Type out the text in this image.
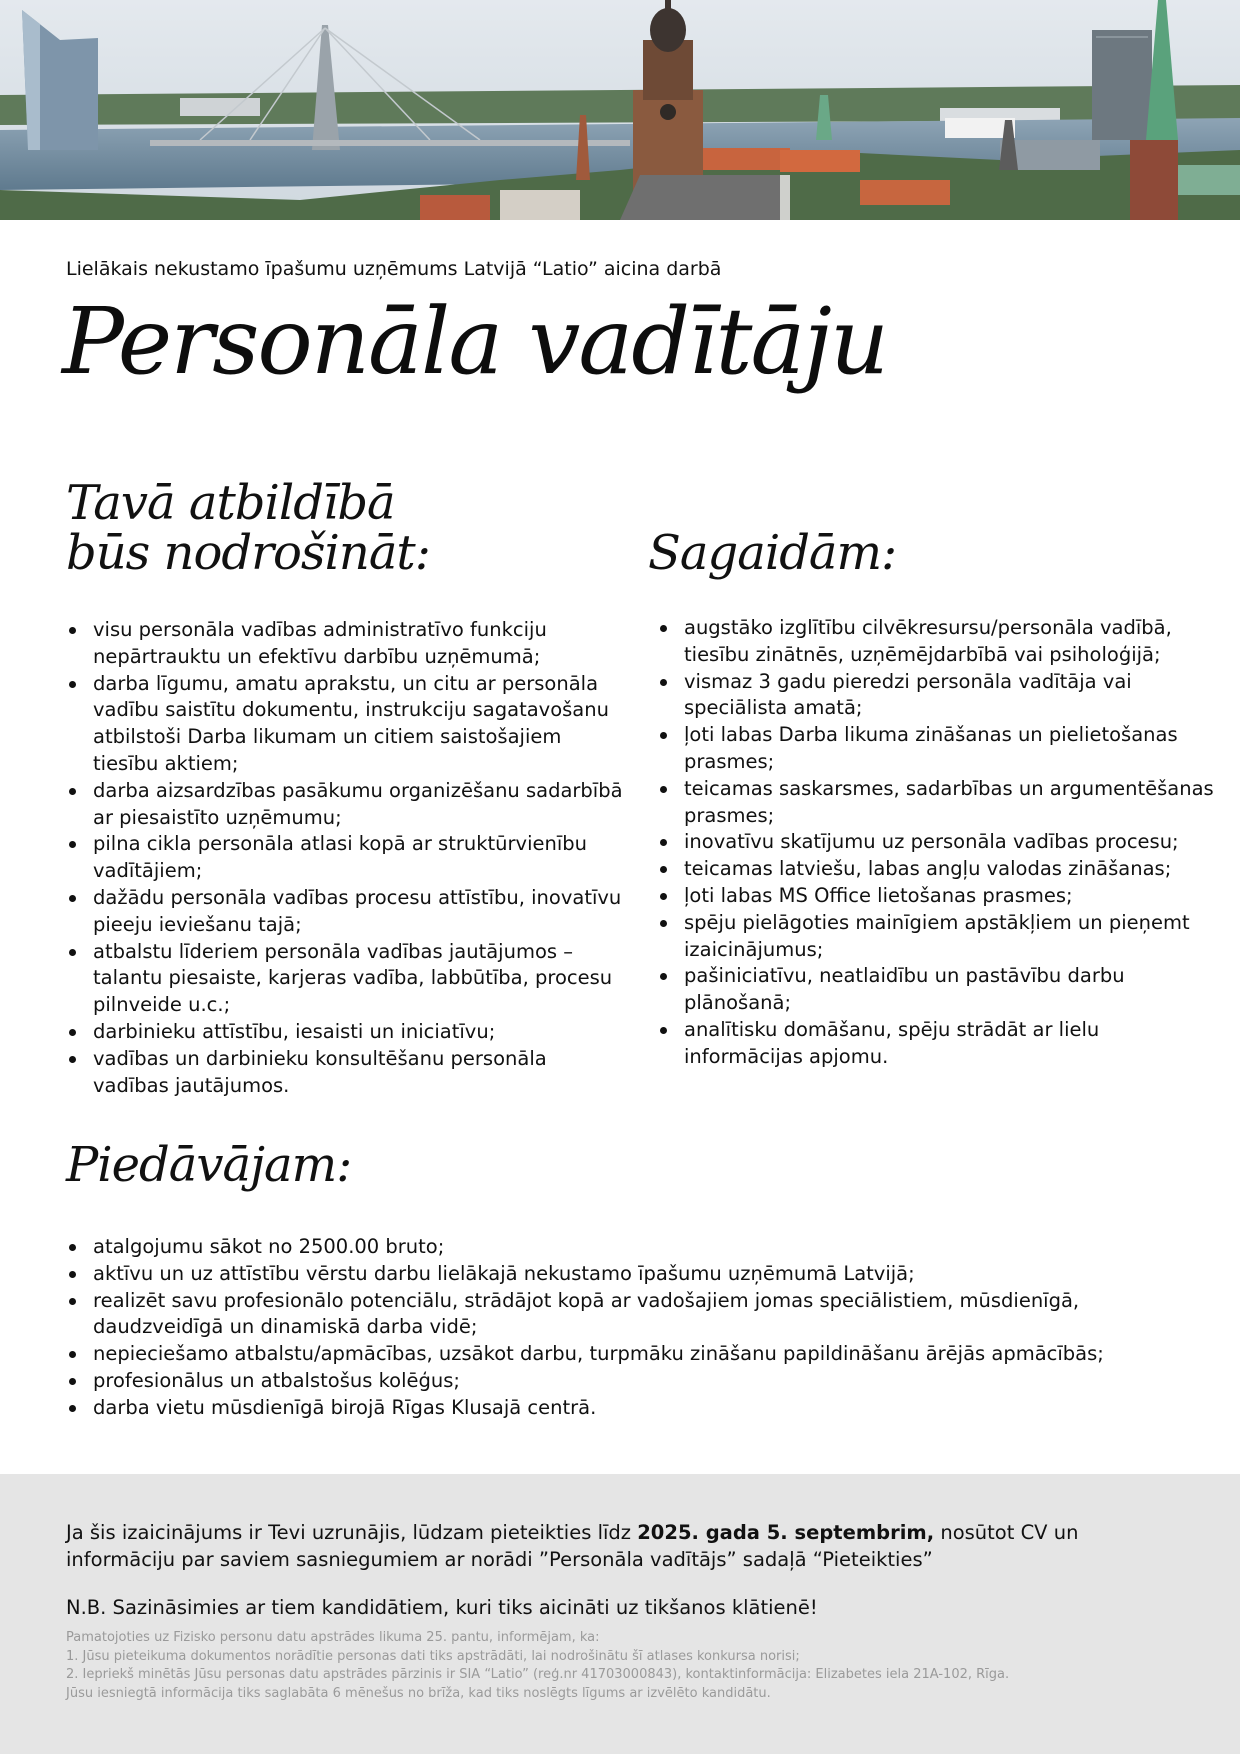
Lielākais nekustamo īpašumu uzņēmums Latvijā “Latio” aicina darbā
Personāla vadītāju
Tavā atbildībā
būs nodrošināt:
visu personāla vadības administratīvo funkciju nepārtrauktu un efektīvu darbību uzņēmumā;
darba līgumu, amatu aprakstu, un citu ar personāla vadību saistītu dokumentu, instrukciju sagatavošanu atbilstoši Darba likumam un citiem saistošajiem tiesību aktiem;
darba aizsardzības pasākumu organizēšanu sadarbībā ar piesaistīto uzņēmumu;
pilna cikla personāla atlasi kopā ar struktūrvienību vadītājiem;
dažādu personāla vadības procesu attīstību, inovatīvu pieeju ieviešanu tajā;
atbalstu līderiem personāla vadības jautājumos – talantu piesaiste, karjeras vadība, labbūtība, procesu pilnveide u.c.;
darbinieku attīstību, iesaisti un iniciatīvu;
vadības un darbinieku konsultēšanu personāla vadības jautājumos.
Sagaidām:
augstāko izglītību cilvēkresursu/personāla vadībā, tiesību zinātnēs, uzņēmējdarbībā vai psiholoģijā;
vismaz 3 gadu pieredzi personāla vadītāja vai speciālista amatā;
ļoti labas Darba likuma zināšanas un pielietošanas prasmes;
teicamas saskarsmes, sadarbības un argumentēšanas prasmes;
inovatīvu skatījumu uz personāla vadības procesu;
teicamas latviešu, labas angļu valodas zināšanas;
ļoti labas MS Office lietošanas prasmes;
spēju pielāgoties mainīgiem apstākļiem un pieņemt izaicinājumus;
pašiniciatīvu, neatlaidību un pastāvību darbu plānošanā;
analītisku domāšanu, spēju strādāt ar lielu informācijas apjomu.
Piedāvājam:
atalgojumu sākot no 2500.00 bruto;
aktīvu un uz attīstību vērstu darbu lielākajā nekustamo īpašumu uzņēmumā Latvijā;
realizēt savu profesionālo potenciālu, strādājot kopā ar vadošajiem jomas speciālistiem, mūsdienīgā, daudzveidīgā un dinamiskā darba vidē;
nepieciešamo atbalstu/apmācības, uzsākot darbu, turpmāku zināšanu papildināšanu ārējās apmācībās;
profesionālus un atbalstošus kolēģus;
darba vietu mūsdienīgā birojā Rīgas Klusajā centrā.

Ja šis izaicinājums ir Tevi uzrunājis, lūdzam pieteikties līdz 2025. gada 5. septembrim, nosūtot CV un informāciju par saviem sasniegumiem ar norādi ”Personāla vadītājs” sadaļā “Pieteikties”

N.B. Sazināsimies ar tiem kandidātiem, kuri tiks aicināti uz tikšanos klātienē!

Pamatojoties uz Fizisko personu datu apstrādes likuma 25. pantu, informējam, ka:
1. Jūsu pieteikuma dokumentos norādītie personas dati tiks apstrādāti, lai nodrošinātu šī atlases konkursa norisi;
2. Iepriekš minētās Jūsu personas datu apstrādes pārzinis ir SIA “Latio” (reģ.nr 41703000843), kontaktinformācija: Elizabetes iela 21A-102, Rīga.
Jūsu iesniegtā informācija tiks saglabāta 6 mēnešus no brīža, kad tiks noslēgts līgums ar izvēlēto kandidātu.
